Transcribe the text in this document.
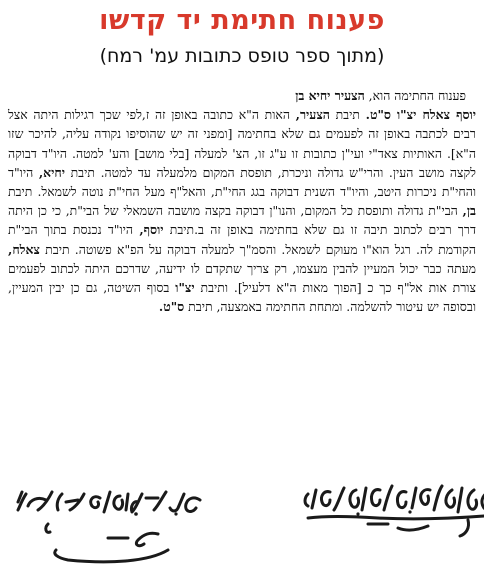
פענוח חתימת יד קדשו
(מתוך ספר טופס כתובות עמ' רמח)

פענוח החתימה הוא, הצעיר יחיא בן

יוסף צאלח יצ"ו ס"ט. תיבת הצעיר, האות ה"א כתובה באופן זה ז,לפי שכך רגילות היתה אצל רבים לכתבה באופן זה לפעמים גם שלא בחתימה [ומפני זה יש שהוסיפו נקודה עליה, להיכר שזו ה"א]. האותיות צאד"י ועי"ן כתובות זו ע"ג זו, הצ' למעלה [בלי מושב] והע' למטה. היו"ד דבוקה לקצה מושב העין. והרי"ש גדולה וניכרת, תופסת המקום מלמעלה עד למטה. תיבת יחיא, היו"ד והחי"ת ניכרות היטב, והיו"ד השנית דבוקה בגג החי"ת, והאל"ף מעל החי"ת נוטה לשמאל. תיבת בן, הבי"ת גדולה ותופסת כל המקום, והנו"ן דבוקה בקצה מושבה השמאלי של הבי"ת, כי כן היתה דרך רבים לכתוב תיבה זו גם שלא בחתימה באופן זה ב.תיבת יוסף, היו"ד נכנסת בתוך הבי"ת הקודמת לה. רגל הוא"ו מעוקם לשמאל. והסמ"ך למעלה דבוקה על הפ"א פשוטה. תיבת צאלח, מעתה כבר יכול המעיין להבין מעצמו, רק צריך שתקדם לו ידיעה, שדרכם היתה לכתוב לפעמים צורת אות אל"ף כך כ [הפוך מאות ה"א דלעיל]. ותיבת יצ"ו בסוף השיטה, גם כן יבין המעיין, ובסופה יש עיטור להשלמה. ומתחת החתימה באמצעה, תיבת ס"ט.
